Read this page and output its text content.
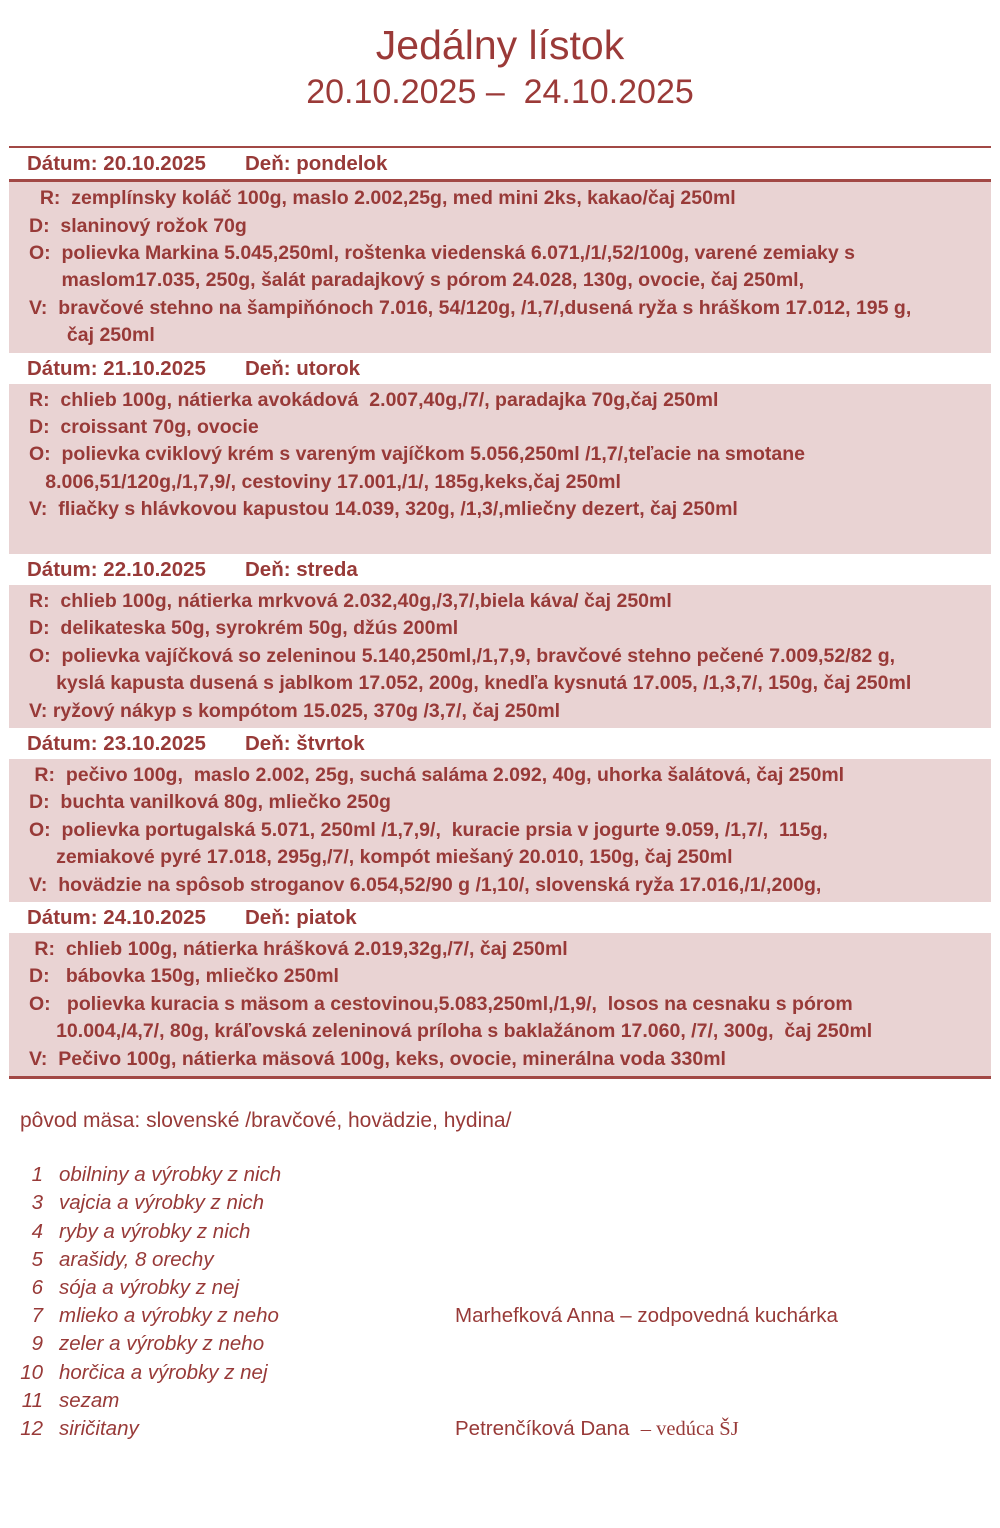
Jedálny lístok
20.10.2025 –  24.10.2025
Dátum: 20.10.2025	Deň: pondelok
R:  zemplínsky koláč 100g, maslo 2.002,25g, med mini 2ks, kakao/čaj 250ml
D:  slaninový rožok 70g
O:  polievka Markina 5.045,250ml, roštenka viedenská 6.071,/1/,52/100g, varené zemiaky s
maslom17.035, 250g, šalát paradajkový s pórom 24.028, 130g, ovocie, čaj 250ml,
V:  bravčové stehno na šampiňónoch 7.016, 54/120g, /1,7/,dusená ryža s hráškom 17.012, 195 g,
čaj 250ml
Dátum: 21.10.2025	Deň: utorok
R:  chlieb 100g, nátierka avokádová  2.007,40g,/7/, paradajka 70g,čaj 250ml
D:  croissant 70g, ovocie
O:  polievka cviklový krém s vareným vajíčkom 5.056,250ml /1,7/,teľacie na smotane
8.006,51/120g,/1,7,9/, cestoviny 17.001,/1/, 185g,keks,čaj 250ml
V:  fliačky s hlávkovou kapustou 14.039, 320g, /1,3/,mliečny dezert, čaj 250ml
Dátum: 22.10.2025	Deň: streda
R:  chlieb 100g, nátierka mrkvová 2.032,40g,/3,7/,biela káva/ čaj 250ml
D:  delikateska 50g, syrokrém 50g, džús 200ml
O:  polievka vajíčková so zeleninou 5.140,250ml,/1,7,9, bravčové stehno pečené 7.009,52/82 g,
kyslá kapusta dusená s jablkom 17.052, 200g, knedľa kysnutá 17.005, /1,3,7/, 150g, čaj 250ml
V: ryžový nákyp s kompótom 15.025, 370g /3,7/, čaj 250ml
Dátum: 23.10.2025	Deň: štvrtok
R:  pečivo 100g,  maslo 2.002, 25g, suchá saláma 2.092, 40g, uhorka šalátová, čaj 250ml
D:  buchta vanilková 80g, mliečko 250g
O:  polievka portugalská 5.071, 250ml /1,7,9/,  kuracie prsia v jogurte 9.059, /1,7/,  115g,
zemiakové pyré 17.018, 295g,/7/, kompót miešaný 20.010, 150g, čaj 250ml
V:  hovädzie na spôsob stroganov 6.054,52/90 g /1,10/, slovenská ryža 17.016,/1/,200g,
Dátum: 24.10.2025	Deň: piatok
R:  chlieb 100g, nátierka hrášková 2.019,32g,/7/, čaj 250ml
D:   bábovka 150g, mliečko 250ml
O:   polievka kuracia s mäsom a cestovinou,5.083,250ml,/1,9/,  losos na cesnaku s pórom
10.004,/4,7/, 80g, kráľovská zeleninová príloha s baklažánom 17.060, /7/, 300g,  čaj 250ml
V:  Pečivo 100g, nátierka mäsová 100g, keks, ovocie, minerálna voda 330ml
pôvod mäsa: slovenské /bravčové, hovädzie, hydina/
1 obilniny a výrobky z nich
3 vajcia a výrobky z nich
4 ryby a výrobky z nich
5 arašidy, 8 orechy
6 sója a výrobky z nej
7 mlieko a výrobky z neho	Marhefková Anna – zodpovedná kuchárka
9 zeler a výrobky z neho
10 horčica a výrobky z nej
11 sezam
12 siričitany	Petrenčíková Dana  – vedúca ŠJ
